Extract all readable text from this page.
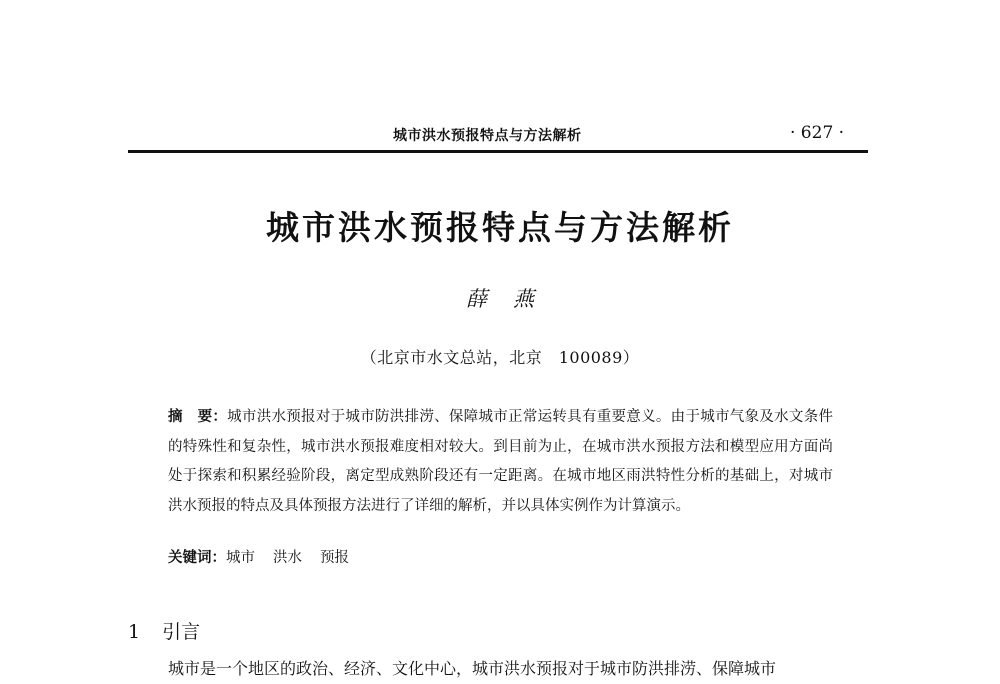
城市洪水预报特点与方法解析	· 627 ·
城市洪水预报特点与方法解析
薛燕
（北京市水文总站，北京　100089）

摘　要：城市洪水预报对于城市防洪排涝、保障城市正常运转具有重要意义。由于城市气象及水文条件的特殊性和复杂性，城市洪水预报难度相对较大。到目前为止，在城市洪水预报方法和模型应用方面尚处于探索和积累经验阶段，离定型成熟阶段还有一定距离。在城市地区雨洪特性分析的基础上，对城市洪水预报的特点及具体预报方法进行了详细的解析，并以具体实例作为计算演示。

关键词：城市 洪水 预报
1 引言
城市是一个地区的政治、经济、文化中心，城市洪水预报对于城市防洪排涝、保障城市
